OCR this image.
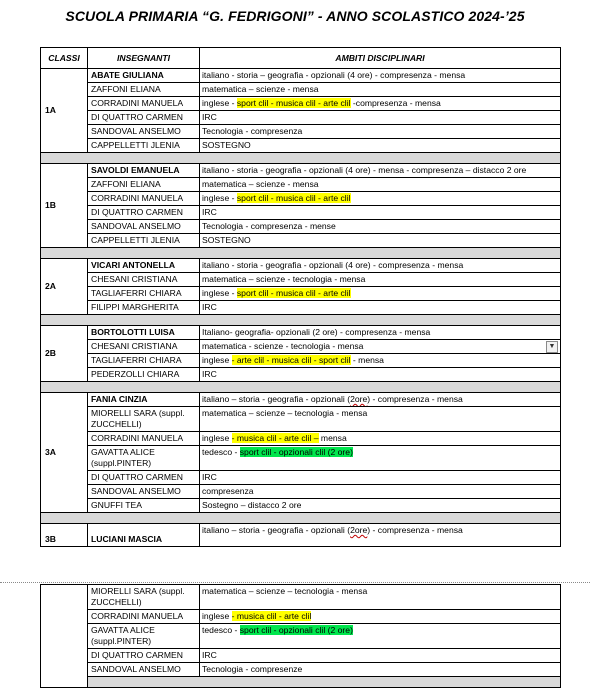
SCUOLA PRIMARIA “G. FEDRIGONI” - ANNO SCOLASTICO 2024-’25
CLASSI	INSEGNANTI	AMBITI DISCIPLINARI
1A	ABATE GIULIANA	italiano - storia – geografia - opzionali (4 ore) - compresenza - mensa
	ZAFFONI ELIANA	matematica – scienze - mensa
	CORRADINI MANUELA	inglese - sport clil - musica clil - arte clil -compresenza - mensa
	DI QUATTRO CARMEN	IRC
	SANDOVAL ANSELMO	Tecnologia - compresenza
	CAPPELLETTI JLENIA	SOSTEGNO

1B	SAVOLDI EMANUELA	italiano - storia - geografia - opzionali (4 ore) - mensa - compresenza – distacco 2 ore
	ZAFFONI ELIANA	matematica – scienze - mensa
	CORRADINI MANUELA	inglese - sport clil - musica clil - arte clil
	DI QUATTRO CARMEN	IRC
	SANDOVAL ANSELMO	Tecnologia - compresenza - mense
	CAPPELLETTI JLENIA	SOSTEGNO

2A	VICARI ANTONELLA	italiano - storia - geografia - opzionali (4 ore) - compresenza - mensa
	CHESANI CRISTIANA	matematica – scienze - tecnologia - mensa
	TAGLIAFERRI CHIARA	inglese - sport clil - musica clil - arte clil
	FILIPPI MARGHERITA	IRC

2B	BORTOLOTTI LUISA	Italiano- geografia- opzionali (2 ore) - compresenza - mensa
	CHESANI CRISTIANA	matematica - scienze - tecnologia - mensa ▼

	TAGLIAFERRI CHIARA	inglese - arte clil - musica clil - sport clil - mensa
	PEDERZOLLI CHIARA	IRC

3A	FANIA CINZIA	italiano – storia - geografia - opzionali (2ore) - compresenza - mensa
	MIORELLI SARA (suppl. ZUCCHELLI)	matematica – scienze – tecnologia - mensa
	CORRADINI MANUELA	inglese - musica clil - arte clil – mensa
	GAVATTA ALICE (suppl.PINTER)	tedesco - sport clil - opzionali clil (2 ore)
	DI QUATTRO CARMEN	IRC
	SANDOVAL ANSELMO	compresenza
	GNUFFI TEA	Sostegno – distacco 2 ore

3B	LUCIANI MASCIA	italiano – storia - geografia - opzionali (2ore) - compresenza - mensa
	MIORELLI SARA (suppl. ZUCCHELLI)	matematica – scienze – tecnologia - mensa
	CORRADINI MANUELA	inglese - musica clil - arte clil
	GAVATTA ALICE (suppl.PINTER)	tedesco - sport clil - opzionali clil (2 ore)
	DI QUATTRO CARMEN	IRC
	SANDOVAL ANSELMO	Tecnologia - compresenze
